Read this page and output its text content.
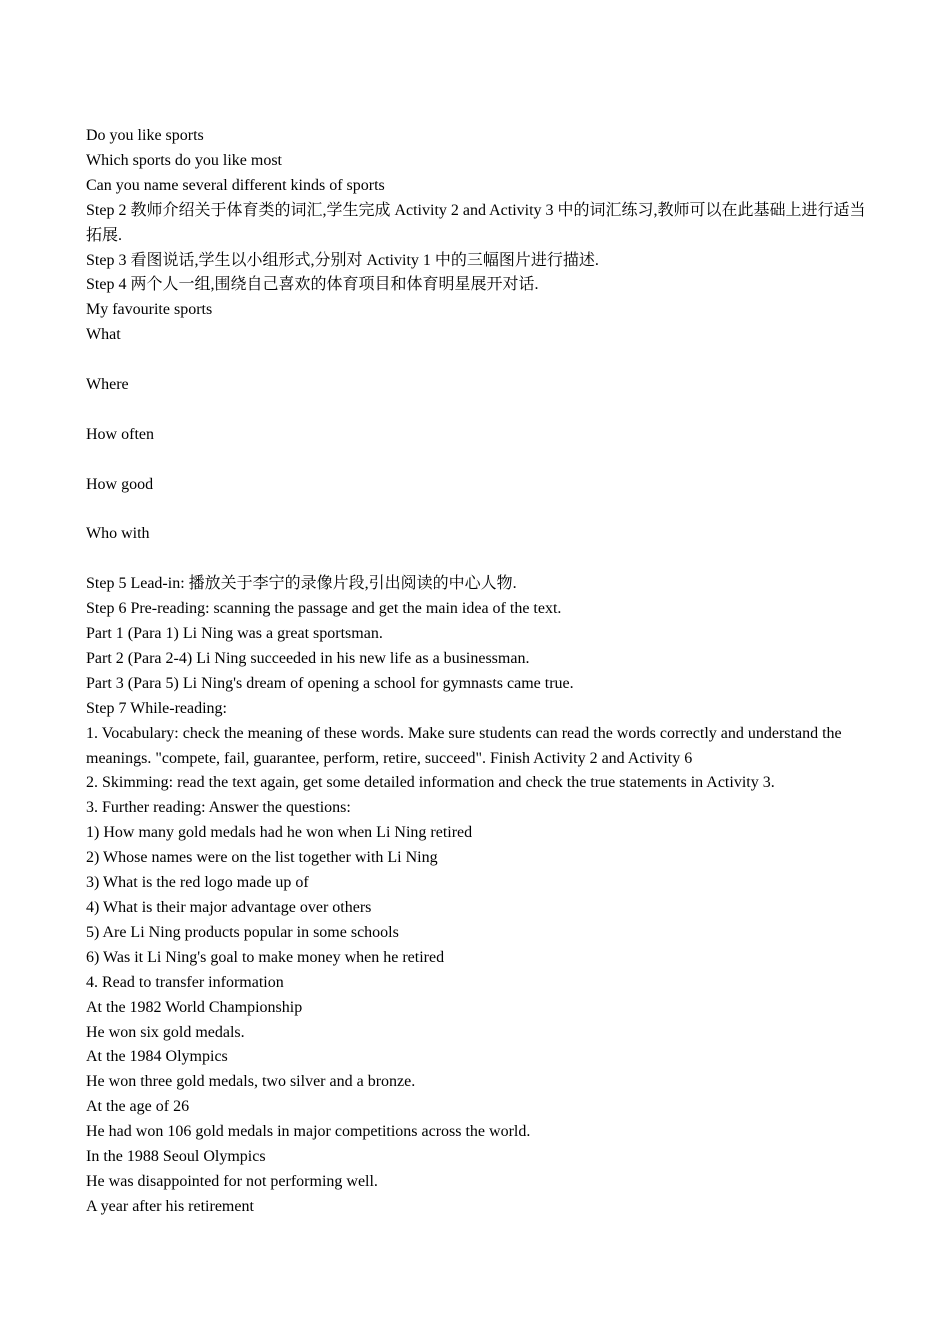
Do you like sports

Which sports do you like most

Can you name several different kinds of sports

Step 2 教师介绍关于体育类的词汇,学生完成 Activity 2 and Activity 3 中的词汇练习,教师可以在此基础上进行适当拓展.

Step 3 看图说话,学生以小组形式,分别对 Activity 1 中的三幅图片进行描述.

Step 4 两个人一组,围绕自己喜欢的体育项目和体育明星展开对话.

My favourite sports

What

Where

How often

How good

Who with

Step 5 Lead-in: 播放关于李宁的录像片段,引出阅读的中心人物.

Step 6 Pre-reading: scanning the passage and get the main idea of the text.

Part 1 (Para 1) Li Ning was a great sportsman.

Part 2 (Para 2-4) Li Ning succeeded in his new life as a businessman.

Part 3 (Para 5) Li Ning's dream of opening a school for gymnasts came true.

Step 7 While-reading:

1. Vocabulary: check the meaning of these words. Make sure students can read the words correctly and understand the meanings. "compete, fail, guarantee, perform, retire, succeed". Finish Activity 2 and Activity 6

2. Skimming: read the text again, get some detailed information and check the true statements in Activity 3.

3. Further reading: Answer the questions:

1) How many gold medals had he won when Li Ning retired

2) Whose names were on the list together with Li Ning

3) What is the red logo made up of

4) What is their major advantage over others

5) Are Li Ning products popular in some schools

6) Was it Li Ning's goal to make money when he retired

4. Read to transfer information

At the 1982 World Championship

He won six gold medals.

At the 1984 Olympics

He won three gold medals, two silver and a bronze.

At the age of 26

He had won 106 gold medals in major competitions across the world.

In the 1988 Seoul Olympics

He was disappointed for not performing well.

A year after his retirement
